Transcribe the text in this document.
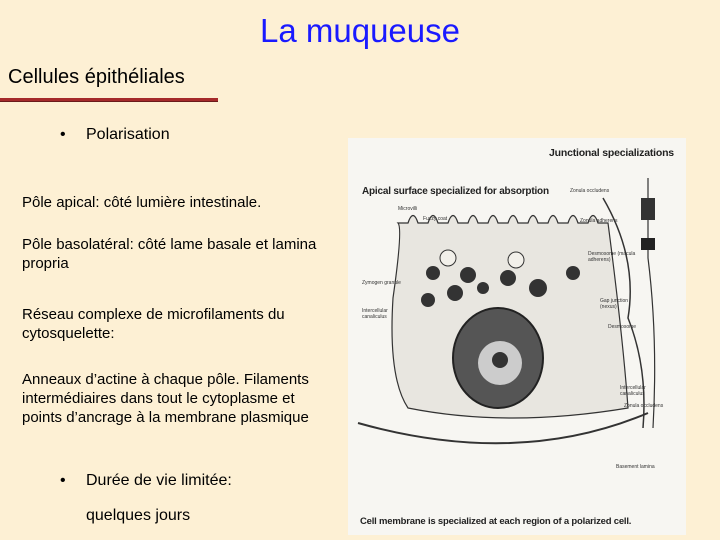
La muqueuse
Cellules épithéliales
• Polarisation
Pôle apical: côté lumière intestinale.
Pôle basolatéral: côté lame basale et lamina propria
Réseau complexe de microfilaments du cytosquelette:
Anneaux d’actine à chaque pôle. Filaments intermédiaires dans tout le cytoplasme et points d’ancrage à la membrane plasmique
• Durée de vie limitée:
quelques jours
Junctional specializations
Apical surface specialized for absorption
Microvilli
Fuzzy coat
Zonula occludens
Zonula adherens
Desmosome (macula adherens)
Zymogen granule
Intercellular canaliculus
Gap junction (nexus)
Desmosome
Intercellular canaliculus
Zonula occludens
Basement lamina
Cell membrane is specialized at each region of a polarized cell.
